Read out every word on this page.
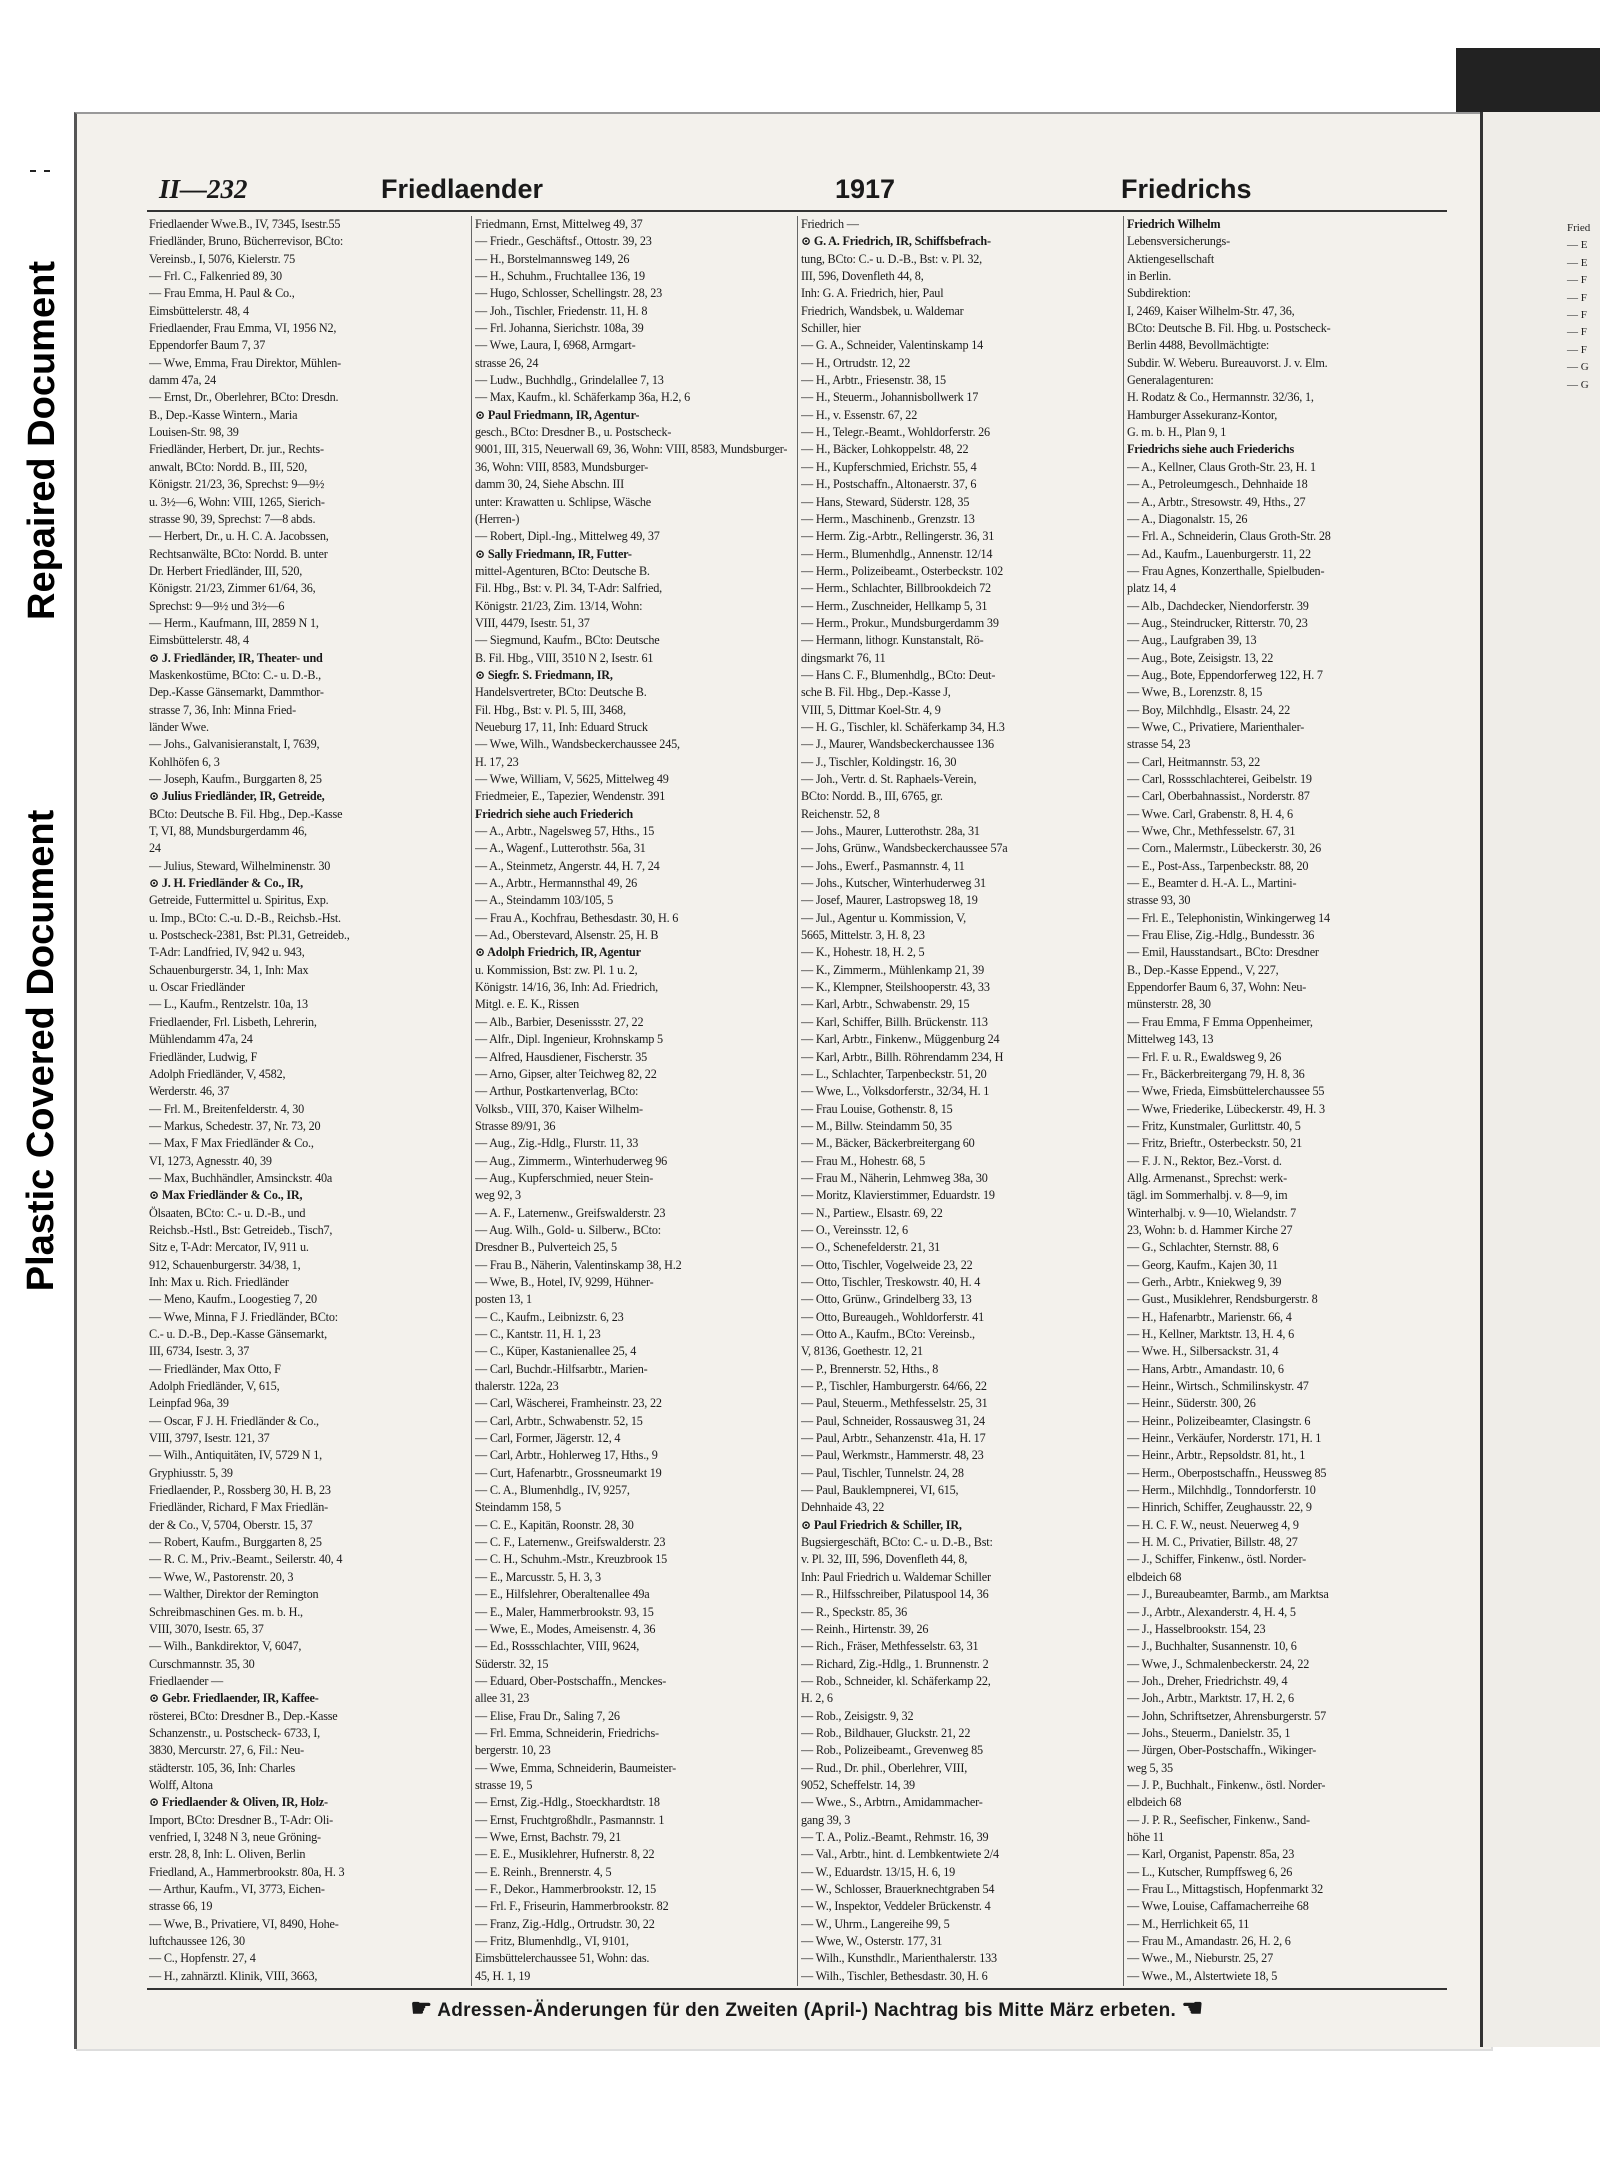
Repaired Document
Plastic Covered Document
II—232	Friedlaender	1917	Friedrichs
Friedlaender Wwe.B., IV, 7345, Isestr.55
Friedländer, Bruno, Bücherrevisor, BCto:
Vereinsb., I, 5076, Kielerstr. 75
— Frl. C., Falkenried 89, 30
— Frau Emma, H. Paul & Co.,
Eimsbüttelerstr. 48, 4
Friedlaender, Frau Emma, VI, 1956 N2,
Eppendorfer Baum 7, 37
— Wwe, Emma, Frau Direktor, Mühlen-
damm 47a, 24
— Ernst, Dr., Oberlehrer, BCto: Dresdn.
B., Dep.-Kasse Wintern., Maria
Louisen-Str. 98, 39
Friedländer, Herbert, Dr. jur., Rechts-
anwalt, BCto: Nordd. B., III, 520,
Königstr. 21/23, 36, Sprechst: 9—9½
u. 3½—6, Wohn: VIII, 1265, Sierich-
strasse 90, 39, Sprechst: 7—8 abds.
— Herbert, Dr., u. H. C. A. Jacobssen,
Rechtsanwälte, BCto: Nordd. B. unter
Dr. Herbert Friedländer, III, 520,
Königstr. 21/23, Zimmer 61/64, 36,
Sprechst: 9—9½ und 3½—6
— Herm., Kaufmann, III, 2859 N 1,
Eimsbüttelerstr. 48, 4
⊙ J. Friedländer, IR, Theater- und
Maskenkostüme, BCto: C.- u. D.-B.,
Dep.-Kasse Gänsemarkt, Dammthor-
strasse 7, 36, Inh: Minna Fried-
länder Wwe.
— Johs., Galvanisieranstalt, I, 7639,
Kohlhöfen 6, 3
— Joseph, Kaufm., Burggarten 8, 25
⊙ Julius Friedländer, IR, Getreide,
BCto: Deutsche B. Fil. Hbg., Dep.-Kasse
T, VI, 88, Mundsburgerdamm 46,
24
— Julius, Steward, Wilhelminenstr. 30
⊙ J. H. Friedländer & Co., IR,
Getreide, Futtermittel u. Spiritus, Exp.
u. Imp., BCto: C.-u. D.-B., Reichsb.-Hst.
u. Postscheck-2381, Bst: Pl.31, Getreideb.,
T-Adr: Landfried, IV, 942 u. 943,
Schauenburgerstr. 34, 1, Inh: Max
u. Oscar Friedländer
— L., Kaufm., Rentzelstr. 10a, 13
Friedlaender, Frl. Lisbeth, Lehrerin,
Mühlendamm 47a, 24
Friedländer, Ludwig, F
Adolph Friedländer, V, 4582,
Werderstr. 46, 37
— Frl. M., Breitenfelderstr. 4, 30
— Markus, Schedestr. 37, Nr. 73, 20
— Max, F Max Friedländer & Co.,
VI, 1273, Agnesstr. 40, 39
— Max, Buchhändler, Amsinckstr. 40a
⊙ Max Friedländer & Co., IR,
Ölsaaten, BCto: C.- u. D.-B., und
Reichsb.-Hstl., Bst: Getreideb., Tisch7,
Sitz e, T-Adr: Mercator, IV, 911 u.
912, Schauenburgerstr. 34/38, 1,
Inh: Max u. Rich. Friedländer
— Meno, Kaufm., Loogestieg 7, 20
— Wwe, Minna, F J. Friedländer, BCto:
C.- u. D.-B., Dep.-Kasse Gänsemarkt,
III, 6734, Isestr. 3, 37
— Friedländer, Max Otto, F
Adolph Friedländer, V, 615,
Leinpfad 96a, 39
— Oscar, F J. H. Friedländer & Co.,
VIII, 3797, Isestr. 121, 37
— Wilh., Antiquitäten, IV, 5729 N 1,
Gryphiusstr. 5, 39
Friedlaender, P., Rossberg 30, H. B, 23
Friedländer, Richard, F Max Friedlän-
der & Co., V, 5704, Oberstr. 15, 37
— Robert, Kaufm., Burggarten 8, 25
— R. C. M., Priv.-Beamt., Seilerstr. 40, 4
— Wwe, W., Pastorenstr. 20, 3
— Walther, Direktor der Remington
Schreibmaschinen Ges. m. b. H.,
VIII, 3070, Isestr. 65, 37
— Wilh., Bankdirektor, V, 6047,
Curschmannstr. 35, 30
Friedlaender —
⊙ Gebr. Friedlaender, IR, Kaffee-
rösterei, BCto: Dresdner B., Dep.-Kasse
Schanzenstr., u. Postscheck- 6733, I,
3830, Mercurstr. 27, 6, Fil.: Neu-
städterstr. 105, 36, Inh: Charles
Wolff, Altona
⊙ Friedlaender & Oliven, IR, Holz-
Import, BCto: Dresdner B., T-Adr: Oli-
venfried, I, 3248 N 3, neue Gröning-
erstr. 28, 8, Inh: L. Oliven, Berlin
Friedland, A., Hammerbrookstr. 80a, H. 3
— Arthur, Kaufm., VI, 3773, Eichen-
strasse 66, 19
— Wwe, B., Privatiere, VI, 8490, Hohe-
luftchaussee 126, 30
— C., Hopfenstr. 27, 4
— H., zahnärztl. Klinik, VIII, 3663,
Friedmann, Ernst, Mittelweg 49, 37
— Friedr., Geschäftsf., Ottostr. 39, 23
— H., Borstelmannsweg 149, 26
— H., Schuhm., Fruchtallee 136, 19
— Hugo, Schlosser, Schellingstr. 28, 23
— Joh., Tischler, Friedenstr. 11, H. 8
— Frl. Johanna, Sierichstr. 108a, 39
— Wwe, Laura, I, 6968, Armgart-
strasse 26, 24
— Ludw., Buchhdlg., Grindelallee 7, 13
— Max, Kaufm., kl. Schäferkamp 36a, H.2, 6
⊙ Paul Friedmann, IR, Agentur-
gesch., BCto: Dresdner B., u. Postscheck-
9001, III, 315, Neuerwall 69, 36, Wohn: VIII, 8583, Mundsburger-
36, Wohn: VIII, 8583, Mundsburger-
damm 30, 24, Siehe Abschn. III
unter: Krawatten u. Schlipse, Wäsche
(Herren-)
— Robert, Dipl.-Ing., Mittelweg 49, 37
⊙ Sally Friedmann, IR, Futter-
mittel-Agenturen, BCto: Deutsche B.
Fil. Hbg., Bst: v. Pl. 34, T-Adr: Salfried,
Königstr. 21/23, Zim. 13/14, Wohn:
VIII, 4479, Isestr. 51, 37
— Siegmund, Kaufm., BCto: Deutsche
B. Fil. Hbg., VIII, 3510 N 2, Isestr. 61
⊙ Siegfr. S. Friedmann, IR,
Handelsvertreter, BCto: Deutsche B.
Fil. Hbg., Bst: v. Pl. 5, III, 3468,
Neueburg 17, 11, Inh: Eduard Struck
— Wwe, Wilh., Wandsbeckerchaussee 245,
H. 17, 23
— Wwe, William, V, 5625, Mittelweg 49
Friedmeier, E., Tapezier, Wendenstr. 391
Friedrich siehe auch Friederich
— A., Arbtr., Nagelsweg 57, Hths., 15
— A., Wagenf., Lutterothstr. 56a, 31
— A., Steinmetz, Angerstr. 44, H. 7, 24
— A., Arbtr., Hermannsthal 49, 26
— A., Steindamm 103/105, 5
— Frau A., Kochfrau, Bethesdastr. 30, H. 6
— Ad., Oberstevard, Alsenstr. 25, H. B
⊙ Adolph Friedrich, IR, Agentur
u. Kommission, Bst: zw. Pl. 1 u. 2,
Königstr. 14/16, 36, Inh: Ad. Friedrich,
Mitgl. e. E. K., Rissen
— Alb., Barbier, Desenissstr. 27, 22
— Alfr., Dipl. Ingenieur, Krohnskamp 5
— Alfred, Hausdiener, Fischerstr. 35
— Arno, Gipser, alter Teichweg 82, 22
— Arthur, Postkartenverlag, BCto:
Volksb., VIII, 370, Kaiser Wilhelm-
Strasse 89/91, 36
— Aug., Zig.-Hdlg., Flurstr. 11, 33
— Aug., Zimmerm., Winterhuderweg 96
— Aug., Kupferschmied, neuer Stein-
weg 92, 3
— A. F., Laternenw., Greifswalderstr. 23
— Aug. Wilh., Gold- u. Silberw., BCto:
Dresdner B., Pulverteich 25, 5
— Frau B., Näherin, Valentinskamp 38, H.2
— Wwe, B., Hotel, IV, 9299, Hühner-
posten 13, 1
— C., Kaufm., Leibnizstr. 6, 23
— C., Kantstr. 11, H. 1, 23
— C., Küper, Kastanienallee 25, 4
— Carl, Buchdr.-Hilfsarbtr., Marien-
thalerstr. 122a, 23
— Carl, Wäscherei, Framheinstr. 23, 22
— Carl, Arbtr., Schwabenstr. 52, 15
— Carl, Former, Jägerstr. 12, 4
— Carl, Arbtr., Hohlerweg 17, Hths., 9
— Curt, Hafenarbtr., Grossneumarkt 19
— C. A., Blumenhdlg., IV, 9257,
Steindamm 158, 5
— C. E., Kapitän, Roonstr. 28, 30
— C. F., Laternenw., Greifswalderstr. 23
— C. H., Schuhm.-Mstr., Kreuzbrook 15
— E., Marcusstr. 5, H. 3, 3
— E., Hilfslehrer, Oberaltenallee 49a
— E., Maler, Hammerbrookstr. 93, 15
— Wwe, E., Modes, Ameisenstr. 4, 36
— Ed., Rossschlachter, VIII, 9624,
Süderstr. 32, 15
— Eduard, Ober-Postschaffn., Menckes-
allee 31, 23
— Elise, Frau Dr., Saling 7, 26
— Frl. Emma, Schneiderin, Friedrichs-
bergerstr. 10, 23
— Wwe, Emma, Schneiderin, Baumeister-
strasse 19, 5
— Ernst, Zig.-Hdlg., Stoeckhardtstr. 18
— Ernst, Fruchtgroßhdlr., Pasmannstr. 1
— Wwe, Ernst, Bachstr. 79, 21
— E. E., Musiklehrer, Hufnerstr. 8, 22
— E. Reinh., Brennerstr. 4, 5
— F., Dekor., Hammerbrookstr. 12, 15
— Frl. F., Friseurin, Hammerbrookstr. 82
— Franz, Zig.-Hdlg., Ortrudstr. 30, 22
— Fritz, Blumenhdlg., VI, 9101,
Eimsbüttelerchaussee 51, Wohn: das.
45, H. 1, 19
Friedrich —
⊙ G. A. Friedrich, IR, Schiffsbefrach-
tung, BCto: C.- u. D.-B., Bst: v. Pl. 32,
III, 596, Dovenfleth 44, 8,
Inh: G. A. Friedrich, hier, Paul
Friedrich, Wandsbek, u. Waldemar
Schiller, hier
— G. A., Schneider, Valentinskamp 14
— H., Ortrudstr. 12, 22
— H., Arbtr., Friesenstr. 38, 15
— H., Steuerm., Johannisbollwerk 17
— H., v. Essenstr. 67, 22
— H., Telegr.-Beamt., Wohldorferstr. 26
— H., Bäcker, Lohkoppelstr. 48, 22
— H., Kupferschmied, Erichstr. 55, 4
— H., Postschaffn., Altonaerstr. 37, 6
— Hans, Steward, Süderstr. 128, 35
— Herm., Maschinenb., Grenzstr. 13
— Herm. Zig.-Arbtr., Rellingerstr. 36, 31
— Herm., Blumenhdlg., Annenstr. 12/14
— Herm., Polizeibeamt., Osterbeckstr. 102
— Herm., Schlachter, Billbrookdeich 72
— Herm., Zuschneider, Hellkamp 5, 31
— Herm., Prokur., Mundsburgerdamm 39
— Hermann, lithogr. Kunstanstalt, Rö-
dingsmarkt 76, 11
— Hans C. F., Blumenhdlg., BCto: Deut-
sche B. Fil. Hbg., Dep.-Kasse J,
VIII, 5, Dittmar Koel-Str. 4, 9
— H. G., Tischler, kl. Schäferkamp 34, H.3
— J., Maurer, Wandsbeckerchaussee 136
— J., Tischler, Koldingstr. 16, 30
— Joh., Vertr. d. St. Raphaels-Verein,
BCto: Nordd. B., III, 6765, gr.
Reichenstr. 52, 8
— Johs., Maurer, Lutterothstr. 28a, 31
— Johs, Grünw., Wandsbeckerchaussee 57a
— Johs., Ewerf., Pasmannstr. 4, 11
— Johs., Kutscher, Winterhuderweg 31
— Josef, Maurer, Lastropsweg 18, 19
— Jul., Agentur u. Kommission, V,
5665, Mittelstr. 3, H. 8, 23
— K., Hohestr. 18, H. 2, 5
— K., Zimmerm., Mühlenkamp 21, 39
— K., Klempner, Steilshooperstr. 43, 33
— Karl, Arbtr., Schwabenstr. 29, 15
— Karl, Schiffer, Billh. Brückenstr. 113
— Karl, Arbtr., Finkenw., Müggenburg 24
— Karl, Arbtr., Billh. Röhrendamm 234, H
— L., Schlachter, Tarpenbeckstr. 51, 20
— Wwe, L., Volksdorferstr., 32/34, H. 1
— Frau Louise, Gothenstr. 8, 15
— M., Billw. Steindamm 50, 35
— M., Bäcker, Bäckerbreitergang 60
— Frau M., Hohestr. 68, 5
— Frau M., Näherin, Lehmweg 38a, 30
— Moritz, Klavierstimmer, Eduardstr. 19
— N., Partiew., Elsastr. 69, 22
— O., Vereinsstr. 12, 6
— O., Schenefelderstr. 21, 31
— Otto, Tischler, Vogelweide 23, 22
— Otto, Tischler, Treskowstr. 40, H. 4
— Otto, Grünw., Grindelberg 33, 13
— Otto, Bureaugeh., Wohldorferstr. 41
— Otto A., Kaufm., BCto: Vereinsb.,
V, 8136, Goethestr. 12, 21
— P., Brennerstr. 52, Hths., 8
— P., Tischler, Hamburgerstr. 64/66, 22
— Paul, Steuerm., Methfesselstr. 25, 31
— Paul, Schneider, Rossausweg 31, 24
— Paul, Arbtr., Sehanzenstr. 41a, H. 17
— Paul, Werkmstr., Hammerstr. 48, 23
— Paul, Tischler, Tunnelstr. 24, 28
— Paul, Bauklempnerei, VI, 615,
Dehnhaide 43, 22
⊙ Paul Friedrich & Schiller, IR,
Bugsiergeschäft, BCto: C.- u. D.-B., Bst:
v. Pl. 32, III, 596, Dovenfleth 44, 8,
Inh: Paul Friedrich u. Waldemar Schiller
— R., Hilfsschreiber, Pilatuspool 14, 36
— R., Speckstr. 85, 36
— Reinh., Hirtenstr. 39, 26
— Rich., Fräser, Methfesselstr. 63, 31
— Richard, Zig.-Hdlg., 1. Brunnenstr. 2
— Rob., Schneider, kl. Schäferkamp 22,
H. 2, 6
— Rob., Zeisigstr. 9, 32
— Rob., Bildhauer, Gluckstr. 21, 22
— Rob., Polizeibeamt., Grevenweg 85
— Rud., Dr. phil., Oberlehrer, VIII,
9052, Scheffelstr. 14, 39
— Wwe., S., Arbtrn., Amidammacher-
gang 39, 3
— T. A., Poliz.-Beamt., Rehmstr. 16, 39
— Val., Arbtr., hint. d. Lembkentwiete 2/4
— W., Eduardstr. 13/15, H. 6, 19
— W., Schlosser, Brauerknechtgraben 54
— W., Inspektor, Veddeler Brückenstr. 4
— W., Uhrm., Langereihe 99, 5
— Wwe, W., Osterstr. 177, 31
— Wilh., Kunsthdlr., Marienthalerstr. 133
— Wilh., Tischler, Bethesdastr. 30, H. 6
Friedrich Wilhelm
Lebensversicherungs-
Aktiengesellschaft
in Berlin.
Subdirektion:
I, 2469, Kaiser Wilhelm-Str. 47, 36,
BCto: Deutsche B. Fil. Hbg. u. Postscheck-
Berlin 4488, Bevollmächtigte:
Subdir. W. Weberu. Bureauvorst. J. v. Elm.
Generalagenturen:
H. Rodatz & Co., Hermannstr. 32/36, 1,
Hamburger Assekuranz-Kontor,
G. m. b. H., Plan 9, 1
Friedrichs siehe auch Friederichs
— A., Kellner, Claus Groth-Str. 23, H. 1
— A., Petroleumgesch., Dehnhaide 18
— A., Arbtr., Stresowstr. 49, Hths., 27
— A., Diagonalstr. 15, 26
— Frl. A., Schneiderin, Claus Groth-Str. 28
— Ad., Kaufm., Lauenburgerstr. 11, 22
— Frau Agnes, Konzerthalle, Spielbuden-
platz 14, 4
— Alb., Dachdecker, Niendorferstr. 39
— Aug., Steindrucker, Ritterstr. 70, 23
— Aug., Laufgraben 39, 13
— Aug., Bote, Zeisigstr. 13, 22
— Aug., Bote, Eppendorferweg 122, H. 7
— Wwe, B., Lorenzstr. 8, 15
— Boy, Milchhdlg., Elsastr. 24, 22
— Wwe, C., Privatiere, Marienthaler-
strasse 54, 23
— Carl, Heitmannstr. 53, 22
— Carl, Rossschlachterei, Geibelstr. 19
— Carl, Oberbahnassist., Norderstr. 87
— Wwe. Carl, Grabenstr. 8, H. 4, 6
— Wwe, Chr., Methfesselstr. 67, 31
— Corn., Malermstr., Lübeckerstr. 30, 26
— E., Post-Ass., Tarpenbeckstr. 88, 20
— E., Beamter d. H.-A. L., Martini-
strasse 93, 30
— Frl. E., Telephonistin, Winkingerweg 14
— Frau Elise, Zig.-Hdlg., Bundesstr. 36
— Emil, Hausstandsart., BCto: Dresdner
B., Dep.-Kasse Eppend., V, 227,
Eppendorfer Baum 6, 37, Wohn: Neu-
münsterstr. 28, 30
— Frau Emma, F Emma Oppenheimer,
Mittelweg 143, 13
— Frl. F. u. R., Ewaldsweg 9, 26
— Fr., Bäckerbreitergang 79, H. 8, 36
— Wwe, Frieda, Eimsbüttelerchaussee 55
— Wwe, Friederike, Lübeckerstr. 49, H. 3
— Fritz, Kunstmaler, Gurlittstr. 40, 5
— Fritz, Brieftr., Osterbeckstr. 50, 21
— F. J. N., Rektor, Bez.-Vorst. d.
Allg. Armenanst., Sprechst: werk-
tägl. im Sommerhalbj. v. 8—9, im
Winterhalbj. v. 9—10, Wielandstr. 7
23, Wohn: b. d. Hammer Kirche 27
— G., Schlachter, Sternstr. 88, 6
— Georg, Kaufm., Kajen 30, 11
— Gerh., Arbtr., Kniekweg 9, 39
— Gust., Musiklehrer, Rendsburgerstr. 8
— H., Hafenarbtr., Marienstr. 66, 4
— H., Kellner, Marktstr. 13, H. 4, 6
— Wwe. H., Silbersackstr. 31, 4
— Hans, Arbtr., Amandastr. 10, 6
— Heinr., Wirtsch., Schmilinskystr. 47
— Heinr., Süderstr. 300, 26
— Heinr., Polizeibeamter, Clasingstr. 6
— Heinr., Verkäufer, Norderstr. 171, H. 1
— Heinr., Arbtr., Repsoldstr. 81, ht., 1
— Herm., Oberpostschaffn., Heussweg 85
— Herm., Milchhdlg., Tonndorferstr. 10
— Hinrich, Schiffer, Zeughausstr. 22, 9
— H. C. F. W., neust. Neuerweg 4, 9
— H. M. C., Privatier, Billstr. 48, 27
— J., Schiffer, Finkenw., östl. Norder-
elbdeich 68
— J., Bureaubeamter, Barmb., am Marktsa
— J., Arbtr., Alexanderstr. 4, H. 4, 5
— J., Hasselbrookstr. 154, 23
— J., Buchhalter, Susannenstr. 10, 6
— Wwe, J., Schmalenbeckerstr. 24, 22
— Joh., Dreher, Friedrichstr. 49, 4
— Joh., Arbtr., Marktstr. 17, H. 2, 6
— John, Schriftsetzer, Ahrensburgerstr. 57
— Johs., Steuerm., Danielstr. 35, 1
— Jürgen, Ober-Postschaffn., Wikinger-
weg 5, 35
— J. P., Buchhalt., Finkenw., östl. Norder-
elbdeich 68
— J. P. R., Seefischer, Finkenw., Sand-
höhe 11
— Karl, Organist, Papenstr. 85a, 23
— L., Kutscher, Rumpffsweg 6, 26
— Frau L., Mittagstisch, Hopfenmarkt 32
— Wwe, Louise, Caffamacherreihe 68
— M., Herrlichkeit 65, 11
— Frau M., Amandastr. 26, H. 2, 6
— Wwe., M., Nieburstr. 25, 27
— Wwe., M., Alstertwiete 18, 5
☛ Adressen-Änderungen für den Zweiten (April-) Nachtrag bis Mitte März erbeten. ☚
Fried
— E
— E
— F
— F
— F
— F
— F
— G
— G
